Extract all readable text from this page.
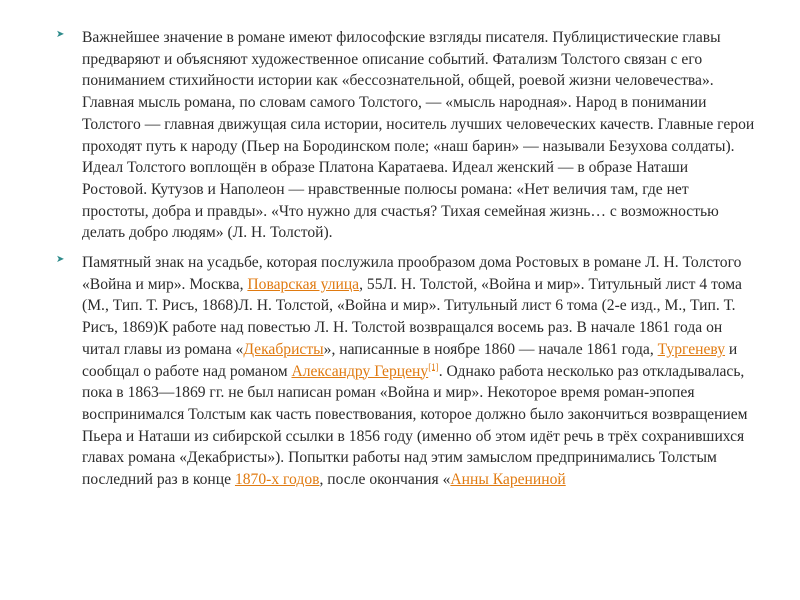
➤ Важнейшее значение в романе имеют философские взгляды писателя. Публицистические главы предваряют и объясняют художественное описание событий. Фатализм Толстого связан с его пониманием стихийности истории как «бессознательной, общей, роевой жизни человечества». Главная мысль романа, по словам самого Толстого, — «мысль народная». Народ в понимании Толстого — главная движущая сила истории, носитель лучших человеческих качеств. Главные герои проходят путь к народу (Пьер на Бородинском поле; «наш барин» — называли Безухова солдаты). Идеал Толстого воплощён в образе Платона Каратаева. Идеал женский — в образе Наташи Ростовой. Кутузов и Наполеон — нравственные полюсы романа: «Нет величия там, где нет простоты, добра и правды». «Что нужно для счастья? Тихая семейная жизнь… с возможностью делать добро людям» (Л. Н. Толстой).
➤ Памятный знак на усадьбе, которая послужила прообразом дома Ростовых в романе Л. Н. Толстого «Война и мир». Москва, Поварская улица, 55Л. Н. Толстой, «Война и мир». Титульный лист 4 тома (М., Тип. Т. Рисъ, 1868)Л. Н. Толстой, «Война и мир». Титульный лист 6 тома (2-е изд., М., Тип. Т. Рисъ, 1869)К работе над повестью Л. Н. Толстой возвращался восемь раз. В начале 1861 года он читал главы из романа «Декабристы», написанные в ноябре 1860 — начале 1861 года, Тургеневу и сообщал о работе над романом Александру Герцену[1]. Однако работа несколько раз откладывалась, пока в 1863—1869 гг. не был написан роман «Война и мир». Некоторое время роман-эпопея воспринимался Толстым как часть повествования, которое должно было закончиться возвращением Пьера и Наташи из сибирской ссылки в 1856 году (именно об этом идёт речь в трёх сохранившихся главах романа «Декабристы»). Попытки работы над этим замыслом предпринимались Толстым последний раз в конце 1870-х годов, после окончания «Анны Карениной
